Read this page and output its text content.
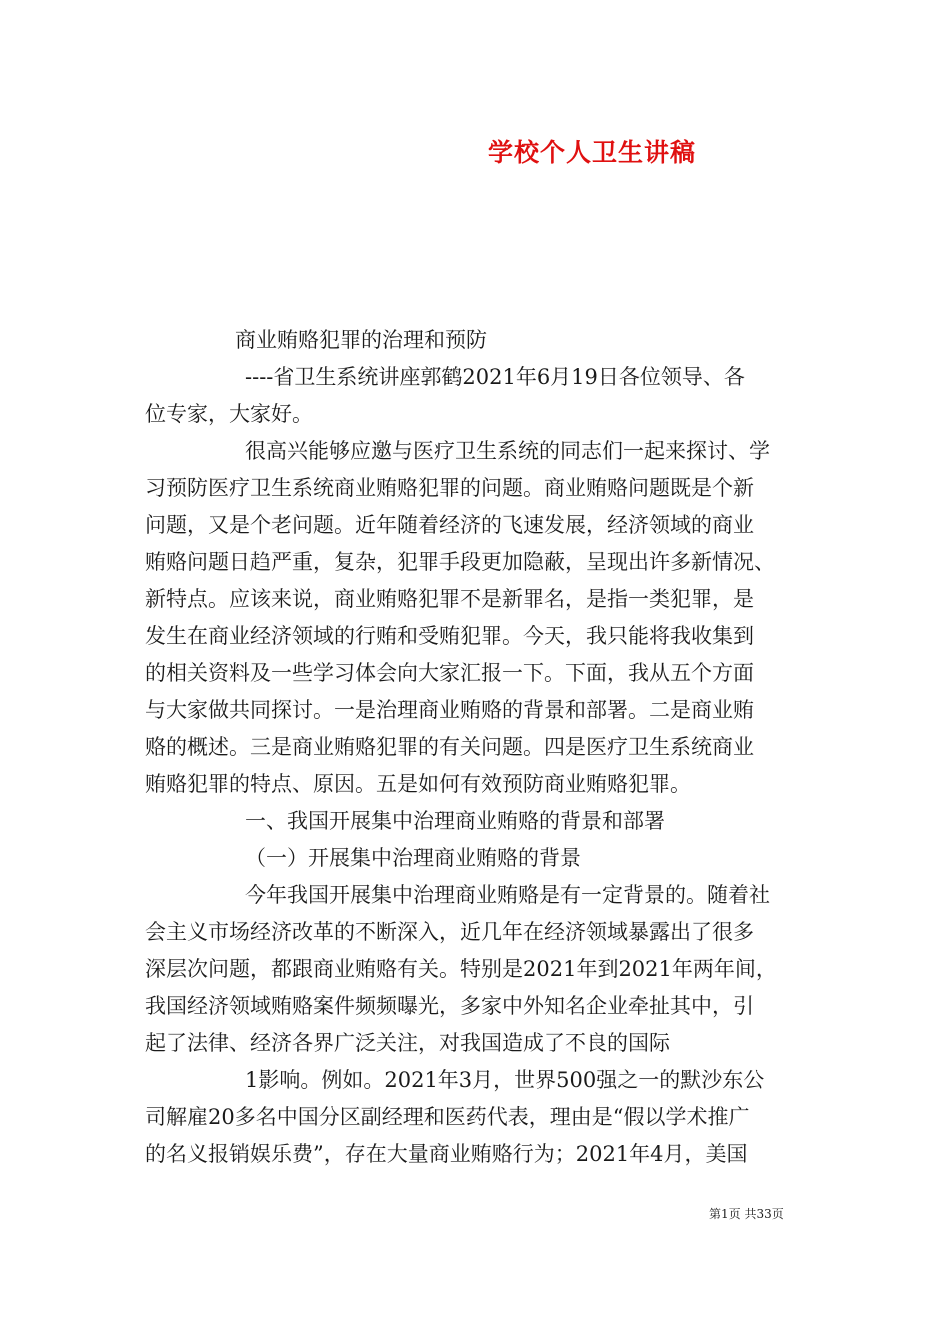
学校个人卫生讲稿
商业贿赂犯罪的治理和预防
----省卫生系统讲座郭鹤2021年6月19日各位领导、各
位专家，大家好。
很高兴能够应邀与医疗卫生系统的同志们一起来探讨、学
习预防医疗卫生系统商业贿赂犯罪的问题。商业贿赂问题既是个新
问题，又是个老问题。近年随着经济的飞速发展，经济领域的商业
贿赂问题日趋严重，复杂，犯罪手段更加隐蔽，呈现出许多新情况、
新特点。应该来说，商业贿赂犯罪不是新罪名，是指一类犯罪，是
发生在商业经济领域的行贿和受贿犯罪。今天，我只能将我收集到
的相关资料及一些学习体会向大家汇报一下。下面，我从五个方面
与大家做共同探讨。一是治理商业贿赂的背景和部署。二是商业贿
赂的概述。三是商业贿赂犯罪的有关问题。四是医疗卫生系统商业
贿赂犯罪的特点、原因。五是如何有效预防商业贿赂犯罪。
一、我国开展集中治理商业贿赂的背景和部署
（一）开展集中治理商业贿赂的背景
今年我国开展集中治理商业贿赂是有一定背景的。随着社
会主义市场经济改革的不断深入，近几年在经济领域暴露出了很多
深层次问题，都跟商业贿赂有关。特别是2021年到2021年两年间，
我国经济领域贿赂案件频频曝光，多家中外知名企业牵扯其中，引
起了法律、经济各界广泛关注，对我国造成了不良的国际
1影响。例如。2021年3月，世界500强之一的默沙东公
司解雇20多名中国分区副经理和医药代表，理由是“假以学术推广
的名义报销娱乐费”，存在大量商业贿赂行为；2021年4月，美国
第1页 共33页
